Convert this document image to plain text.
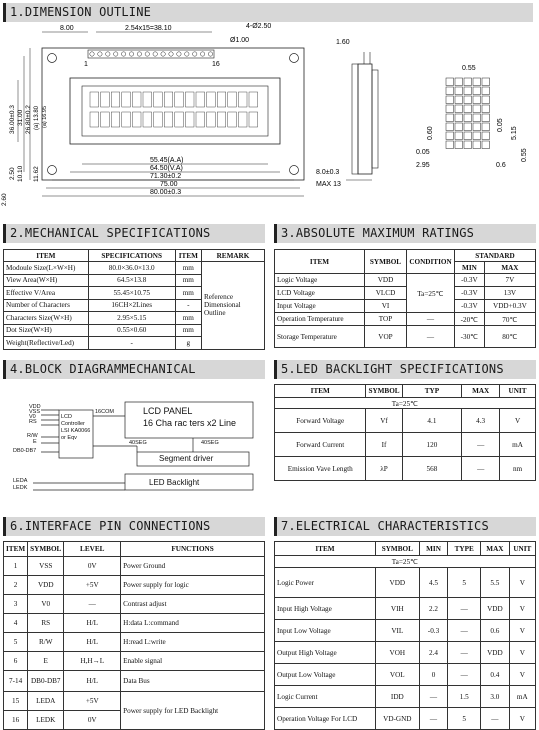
1.DIMENSION OUTLINE
8.00	2.54x15=38.10	4-Ø2.50
Ø1.00
16
1
36.00±0.3 31.00 26.80±0.2 (a) 13.80 (a) 16.95
2.50 10.10 11.62
2.60
55.45(A.A)
64.50(V.A)
71.30±0.2
75.00
80.00±0.3
1.60
8.0±0.3
MAX 13
0.55
0.60	5.15
0.05
0.05
2.95	0.6
0.55
2.MECHANICAL SPECIFICATIONS
ITEM	SPECIFICATIONS	ITEM	REMARK
Modoule Size(L×W×H)	80.0×36.0×13.0	mm	Reference Dimensional Outline
View Area(W×H)	64.5×13.8	mm	
Effective V/Area	55.45×10.75	mm	
Number of Characters	16CH×2Lines	-	
Characters Size(W×H)	2.95×5.15	mm	
Dot Size(W×H)	0.55×0.60	mm	
Weight(Reflective/Led)	-	g	
3.ABSOLUTE MAXIMUM RATINGS
ITEM	SYMBOL	CONDITION	STANDARD	
			MIN	MAX
Logic Voltage	VDD	Ta=25℃	-0.3V	7V
LCD Voltage	VLCD		-0.3V	13V
Input Voltage	VI		-0.3V	VDD+0.3V
Operation Temperature	TOP	—	-20℃	70℃
Storage Temperature	VOP	—	-30℃	80℃
4.BLOCK DIAGRAMMECHANICAL
VDD
VSS
V0
RS
R/W
E
DB0-DB7
LEDA
LEDK
LCD Controller LSI KA0066 or Eqv
16COM	LCD PANEL
16 Cha rac ters x2 Line
40SEG	40SEG
Segment driver
LED Backlight
5.LED BACKLIGHT SPECIFICATIONS
ITEM	SYMBOL	TYP	MAX	UNIT
Ta=25℃				
Forward Voltage	Vf	4.1	4.3	V
Forward Current	If	120	—	mA
Emission Vave Length	λP	568	—	nm
6.INTERFACE PIN CONNECTIONS
ITEM	SYMBOL	LEVEL	FUNCTIONS
1	VSS	0V	Power Ground
2	VDD	+5V	Power supply for logic
3	V0	—	Contrast adjust
4	RS	H/L	H:data L:command
5	R/W	H/L	H:read L:write
6	E	H,H→L	Enable signal
7-14	DB0-DB7	H/L	Data Bus
15	LEDA	+5V	Power supply for LED Backlight
16	LEDK	0V	
7.ELECTRICAL CHARACTERISTICS
ITEM	SYMBOL	MIN	TYPE	MAX	UNIT
Ta=25℃					
Logic Power	VDD	4.5	5	5.5	V
Input High Voltage	VIH	2.2	—	VDD	V
Input Low Voltage	VIL	-0.3	—	0.6	V
Output High Voltage	VOH	2.4	—	VDD	V
Output Low Voltage	VOL	0	—	0.4	V
Logic Current	IDD	—	1.5	3.0	mA
Operation Voltage For LCD	VD-GND	—	5	—	V
